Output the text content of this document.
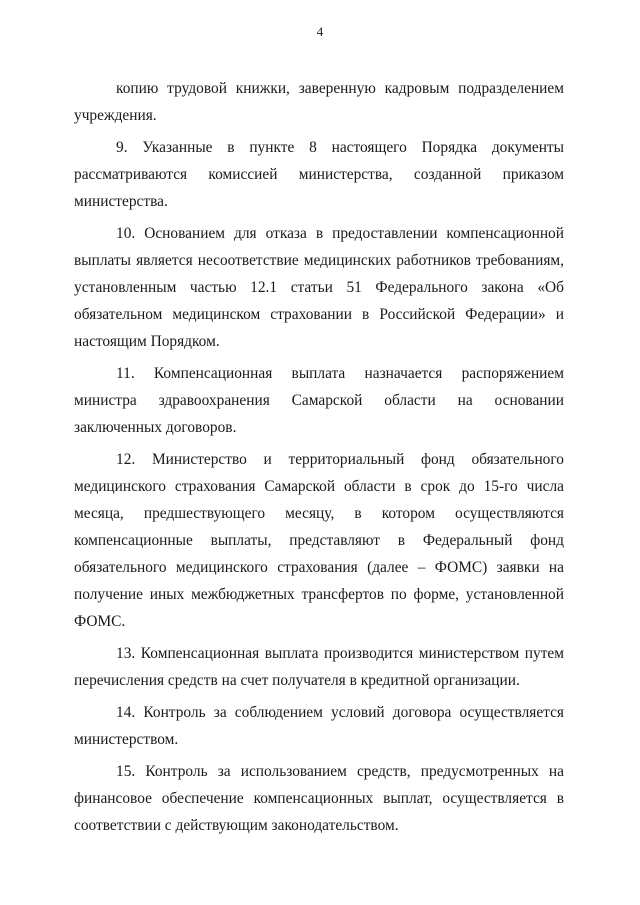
4

копию трудовой книжки, заверенную кадровым подразделением учреждения.

9. Указанные в пункте 8 настоящего Порядка документы рассматриваются комиссией министерства, созданной приказом министерства.

10. Основанием для отказа в предоставлении компенсационной выплаты является несоответствие медицинских работников требованиям, установленным частью 12.1 статьи 51 Федерального закона «Об обязательном медицинском страховании в Российской Федерации» и настоящим Порядком.

11. Компенсационная выплата назначается распоряжением министра здравоохранения Самарской области на основании заключенных договоров.

12. Министерство и территориальный фонд обязательного медицинского страхования Самарской области в срок до 15-го числа месяца, предшествующего месяцу, в котором осуществляются компенсационные выплаты, представляют в Федеральный фонд обязательного медицинского страхования (далее – ФОМС) заявки на получение иных межбюджетных трансфертов по форме, установленной ФОМС.

13. Компенсационная выплата производится министерством путем перечисления средств на счет получателя в кредитной организации.

14. Контроль за соблюдением условий договора осуществляется министерством.

15. Контроль за использованием средств, предусмотренных на финансовое обеспечение компенсационных выплат, осуществляется в соответствии с действующим законодательством.
